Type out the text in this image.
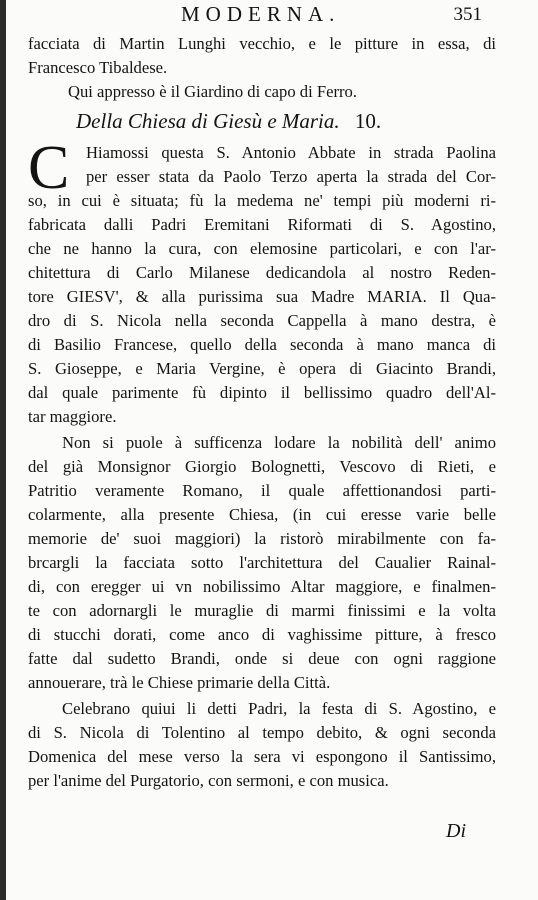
MODERNA.	351
facciata di Martin Lunghi vecchio, e le pitture in essa, di
Francesco Tibaldese.
Qui appresso è il Giardino di capo di Ferro.
Della Chiesa di Giesù e Maria. 10.
C Hiamossi questa S. Antonio Abbate in strada Paolina
per esser stata da Paolo Terzo aperta la strada del Cor-
so, in cui è situata; fù la medema ne' tempi più moderni ri-
fabricata dalli Padri Eremitani Riformati di S. Agostino,
che ne hanno la cura, con elemosine particolari, e con l'ar-
chitettura di Carlo Milanese dedicandola al nostro Reden-
tore GIESV', & alla purissima sua Madre MARIA. Il Qua-
dro di S. Nicola nella seconda Cappella à mano destra, è
di Basilio Francese, quello della seconda à mano manca di
S. Gioseppe, e Maria Vergine, è opera di Giacinto Brandi,
dal quale parimente fù dipinto il bellissimo quadro dell'Al-
tar maggiore.
Non si puole à sufficenza lodare la nobilità dell' animo
del già Monsignor Giorgio Bolognetti, Vescovo di Rieti, e
Patritio veramente Romano, il quale affettionandosi parti-
colarmente, alla presente Chiesa, (in cui eresse varie belle
memorie de' suoi maggiori) la ristorò mirabilmente con fa-
brcargli la facciata sotto l'architettura del Caualier Rainal-
di, con eregger ui vn nobilissimo Altar maggiore, e finalmen-
te con adornargli le muraglie di marmi finissimi e la volta
di stucchi dorati, come anco di vaghissime pitture, à fresco
fatte dal sudetto Brandi, onde si deue con ogni raggione
annouerare, trà le Chiese primarie della Città.
Celebrano quiui li detti Padri, la festa di S. Agostino, e
di S. Nicola di Tolentino al tempo debito, & ogni seconda
Domenica del mese verso la sera vi espongono il Santissimo,
per l'anime del Purgatorio, con sermoni, e con musica.
Di
